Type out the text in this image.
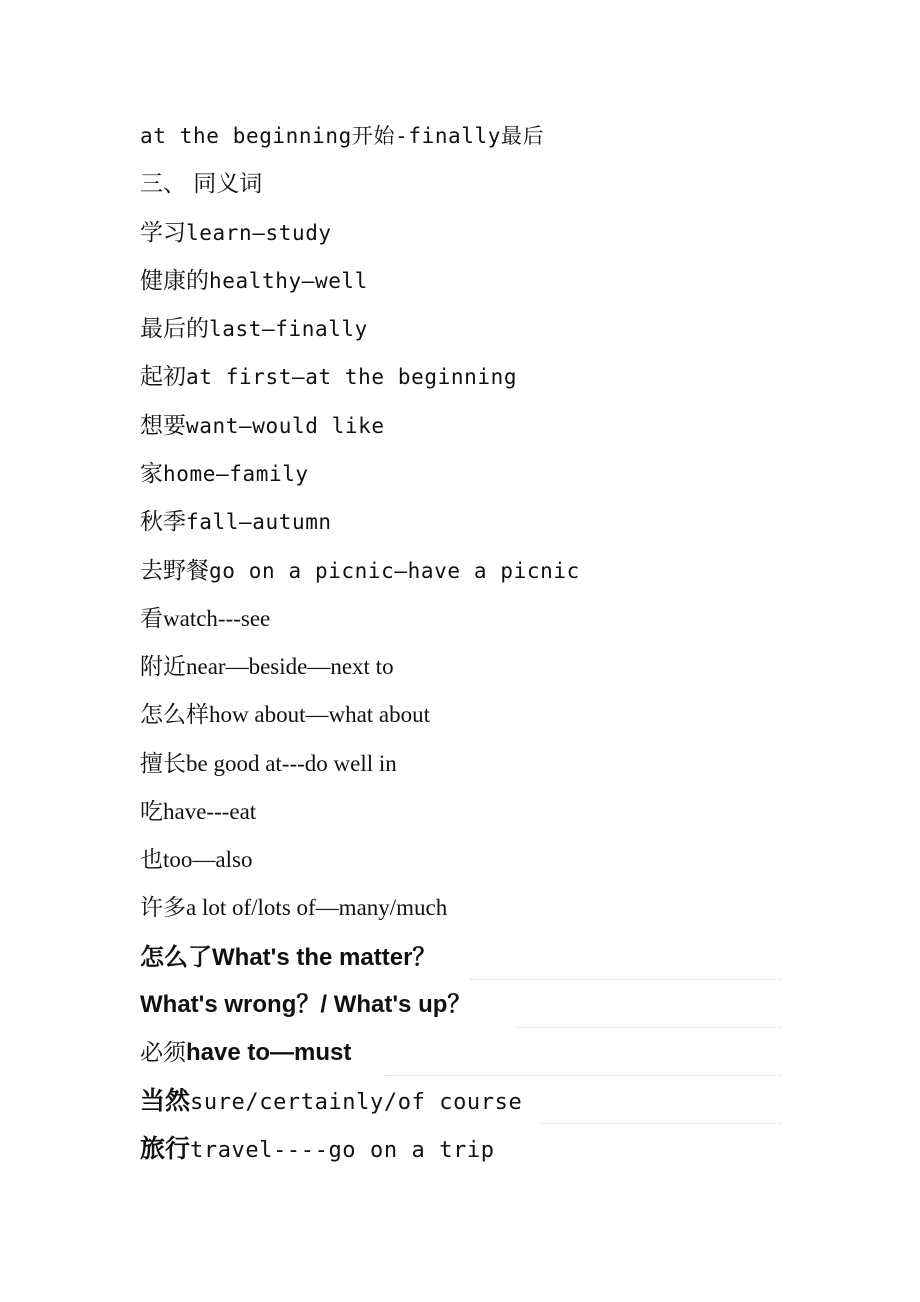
at the beginning开始-finally最后
三、 同义词
学习learn—study
健康的healthy—well
最后的last—finally
起初at first—at the beginning
想要want—would like
家home—family
秋季fall—autumn
去野餐go on a picnic—have a picnic
看watch---see
附近near—beside—next to
怎么样how about—what about
擅长be good at---do well in
吃have---eat
也too—also
许多a lot of/lots of—many/much
怎么了What's the matter？
What's wrong？/ What's up？
必须have to—must
当然sure/certainly/of course
旅行travel----go on a trip
